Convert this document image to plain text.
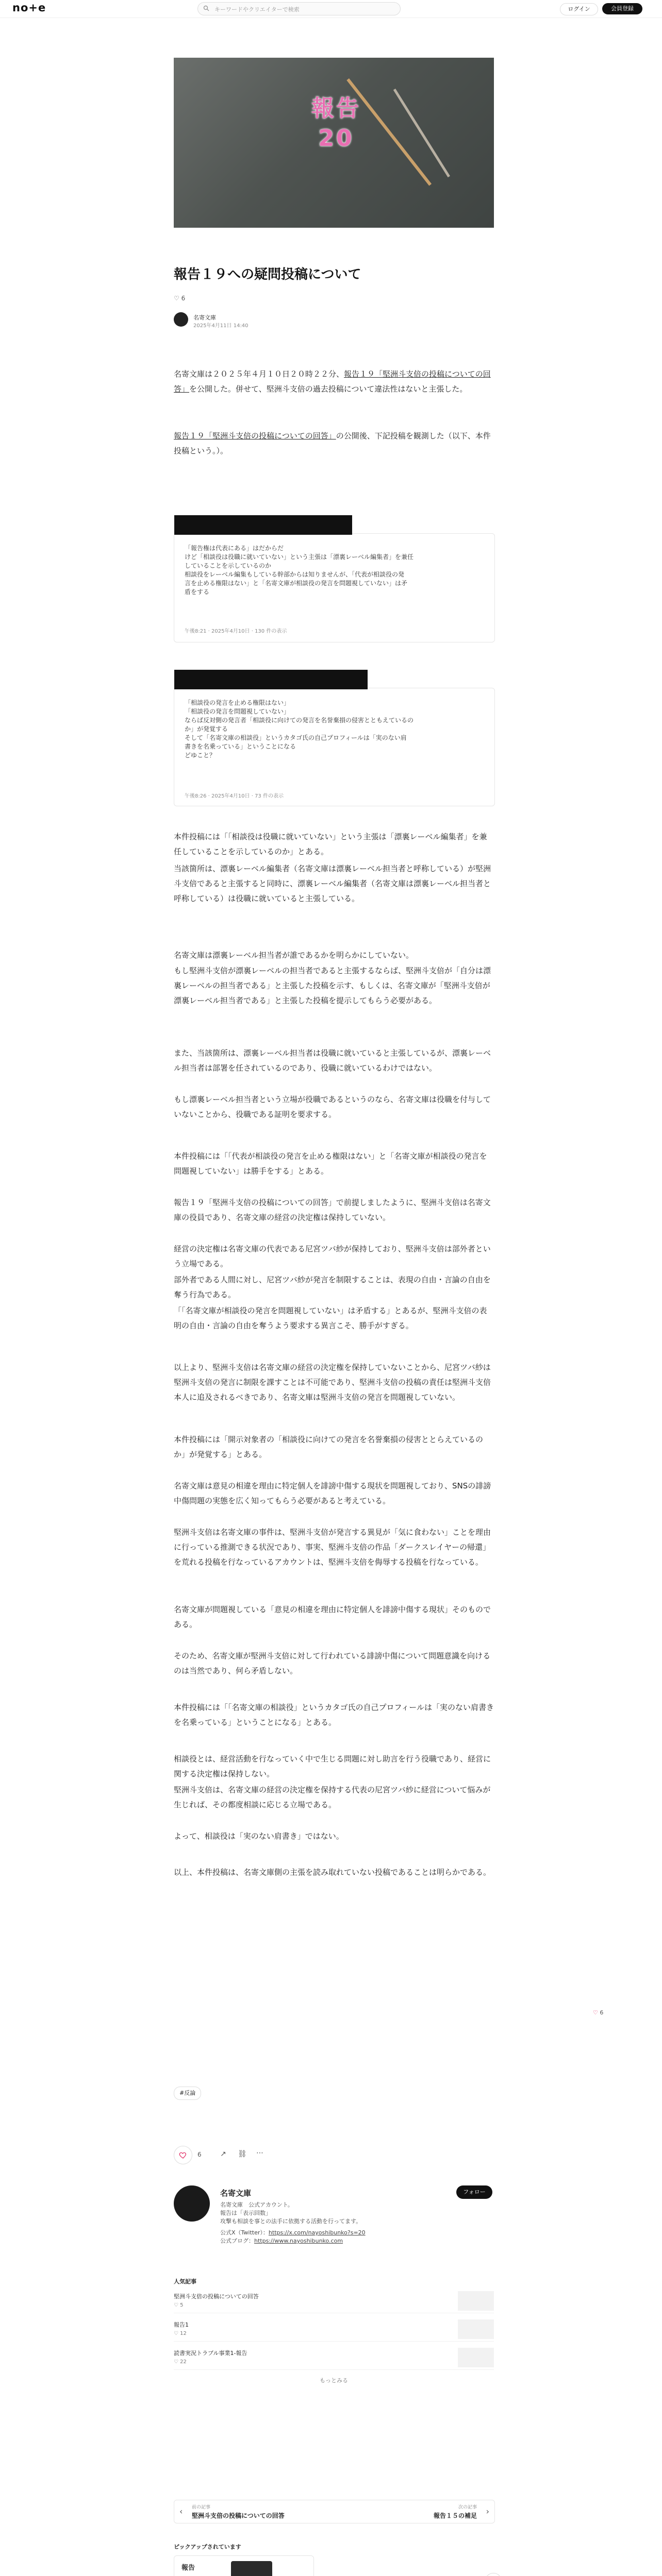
no+e	キーワードやクリエイターで検索	ログイン	会員登録
報告
20
報告１９への疑問投稿について
♡ 6
名寄文庫
2025年4月11日 14:40
名寄文庫は２０２５年４月１０日２０時２２分、報告１９「堅洲斗支倍の投稿についての回答」を公開した。併せて、堅洲斗支倍の過去投稿について違法性はないと主張した。
報告１９「堅洲斗支倍の投稿についての回答」の公開後、下記投稿を観測した（以下、本件投稿という。）。
「報告権は代表にある」はだからだ
けど「相談役は役職に就いていない」という主張は「漂裏レーベル編集者」を兼任
していることを示しているのか
相談役をレーベル編集もしている幹部からは知りませんが、「代表が相談役の発
言を止める権限はない」と「名寄文庫が相談役の発言を問題視していない」は矛
盾をする
午後8:21 · 2025年4月10日 · 130 件の表示
「相談役の発言を止める権限はない」
「相談役の発言を問題視していない」
ならば反対側の発言者「相談役に向けての発言を名誉棄損の侵害とともえているの
か」が発覚する
そして「名寄文庫の相談役」というカタゴ氏の自己プロフィールは「実のない肩
書きを名乗っている」ということになる
どゆこと？
午後8:26 · 2025年4月10日 · 73 件の表示
本件投稿には「「相談役は役職に就いていない」という主張は「漂裏レーベル編集者」を兼任していることを示しているのか」とある。
当該箇所は、漂裏レーベル編集者（名寄文庫は漂裏レーベル担当者と呼称している）が堅洲斗支倍であると主張すると同時に、漂裏レーベル編集者（名寄文庫は漂裏レーベル担当者と呼称している）は役職に就いていると主張している。
名寄文庫は漂裏レーベル担当者が誰であるかを明らかにしていない。
もし堅洲斗支倍が漂裏レーベルの担当者であると主張するならば、堅洲斗支倍が「自分は漂裏レーベルの担当者である」と主張した投稿を示す、もしくは、名寄文庫が「堅洲斗支倍が漂裏レーベル担当者である」と主張した投稿を提示してもらう必要がある。
また、当該箇所は、漂裏レーベル担当者は役職に就いていると主張しているが、漂裏レーベル担当者は部署を任されているのであり、役職に就いているわけではない。
もし漂裏レーベル担当者という立場が役職であるというのなら、名寄文庫は役職を付与していないことから、役職である証明を要求する。
本件投稿には「「代表が相談役の発言を止める権限はない」と「名寄文庫が相談役の発言を問題視していない」は勝手をする」とある。
報告１９「堅洲斗支倍の投稿についての回答」で前提しましたように、堅洲斗支倍は名寄文庫の役員であり、名寄文庫の経営の決定権は保持していない。
経営の決定権は名寄文庫の代表である尼宮ツバ紗が保持しており、堅洲斗支倍は部外者という立場である。
部外者である人間に対し、尼宮ツバ紗が発言を制限することは、表現の自由・言論の自由を奪う行為である。
「「名寄文庫が相談役の発言を問題視していない」は矛盾する」とあるが、堅洲斗支倍の表明の自由・言論の自由を奪うよう要求する異言こそ、勝手がすぎる。
以上より、堅洲斗支倍は名寄文庫の経営の決定権を保持していないことから、尼宮ツバ紗は堅洲斗支倍の発言に制限を課すことは不可能であり、堅洲斗支倍の投稿の責任は堅洲斗支倍本人に追及されるべきであり、名寄文庫は堅洲斗支倍の発言を問題視していない。
本件投稿には「開示対象者の「相談役に向けての発言を名誉棄損の侵害ととらえているのか」が発覚する」とある。
名寄文庫は意見の相違を理由に特定個人を誹謗中傷する現状を問題視しており、SNSの誹謗中傷問題の実態を広く知ってもらう必要があると考えている。
堅洲斗支倍は名寄文庫の事件は、堅洲斗支倍が発言する異見が「気に食わない」ことを理由に行っている推測できる状況であり、事実、堅洲斗支倍の作品「ダークスレイヤーの帰還」を荒れる投稿を行なっているアカウントは、堅洲斗支倍を侮辱する投稿を行なっている。
名寄文庫が問題視している「意見の相違を理由に特定個人を誹謗中傷する現状」そのものである。
そのため、名寄文庫が堅洲斗支倍に対して行われている誹謗中傷について問題意識を向けるのは当然であり、何ら矛盾しない。
本件投稿には「「名寄文庫の相談役」というカタゴ氏の自己プロフィールは「実のない肩書きを名乗っている」ということになる」とある。
相談役とは、経営活動を行なっていく中で生じる問題に対し助言を行う役職であり、経営に関する決定権は保持しない。
堅洲斗支倍は、名寄文庫の経営の決定権を保持する代表の尼宮ツバ紗に経営について悩みが生じれば、その都度相談に応じる立場である。
よって、相談役は「実のない肩書き」ではない。
以上、本件投稿は、名寄文庫側の主張を読み取れていない投稿であることは明らかである。
♡ 6
#反論
6	↗ ⛓ ⋯
名寄文庫	フォロー
名寄文庫　公式アカウント。
報告は「表示回数」
攻撃も相談を事との法手に依拠する活動を行ってます。
公式X（Twitter）：https://x.com/nayoshibunko?s=20
公式ブログ：https://www.nayoshibunko.com
人気記事
堅洲斗支倍の投稿についての回答
♡ 5
報告1
♡ 12
読書実況トラブル事業1-報告
♡ 22
もっとみる
‹ 前の記事
堅洲斗支倍の投稿についての回答
次の記事
報告１５の補足 ›
ピックアップされています
報告
